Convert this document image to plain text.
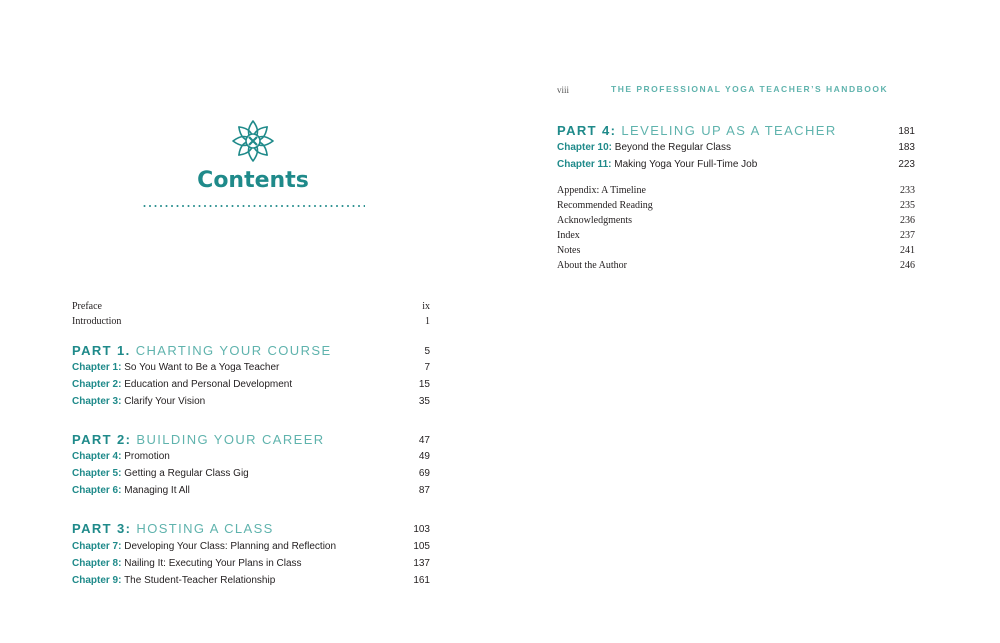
Contents
Preface	ix
Introduction	1
PART 1. CHARTING YOUR COURSE	5
Chapter 1: So You Want to Be a Yoga Teacher	7
Chapter 2: Education and Personal Development	15
Chapter 3: Clarify Your Vision	35
PART 2: BUILDING YOUR CAREER	47
Chapter 4: Promotion	49
Chapter 5: Getting a Regular Class Gig	69
Chapter 6: Managing It All	87
PART 3: HOSTING A CLASS	103
Chapter 7: Developing Your Class: Planning and Reflection	105
Chapter 8: Nailing It: Executing Your Plans in Class	137
Chapter 9: The Student-Teacher Relationship	161
viii	THE PROFESSIONAL YOGA TEACHER’S HANDBOOK
PART 4: LEVELING UP AS A TEACHER	181
Chapter 10: Beyond the Regular Class	183
Chapter 11: Making Yoga Your Full-Time Job	223
Appendix: A Timeline	233
Recommended Reading	235
Acknowledgments	236
Index	237
Notes	241
About the Author	246
